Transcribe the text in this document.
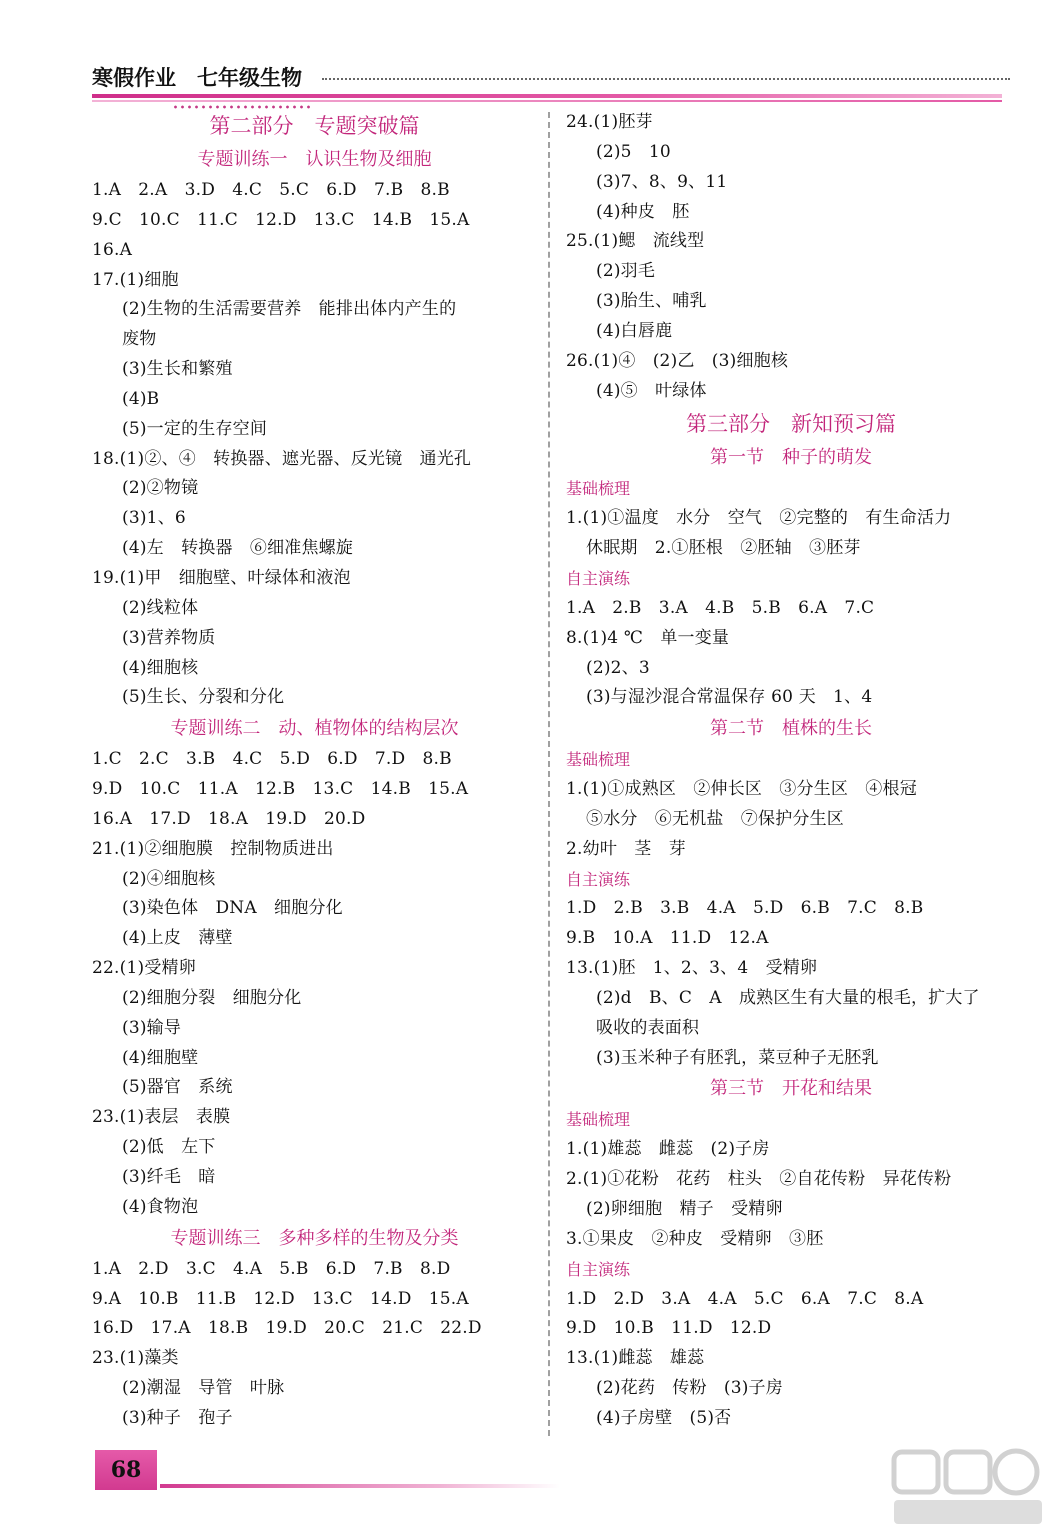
寒假作业　七年级生物
第二部分　专题突破篇
专题训练一　认识生物及细胞
1.A　2.A　3.D　4.C　5.C　6.D　7.B　8.B
9.C　10.C　11.C　12.D　13.C　14.B　15.A
16.A
17.(1)细胞
(2)生物的生活需要营养　能排出体内产生的
废物
(3)生长和繁殖
(4)B
(5)一定的生存空间
18.(1)②、④　转换器、遮光器、反光镜　通光孔
(2)②物镜
(3)1、6
(4)左　转换器　⑥细准焦螺旋
19.(1)甲　细胞壁、叶绿体和液泡
(2)线粒体
(3)营养物质
(4)细胞核
(5)生长、分裂和分化
专题训练二　动、植物体的结构层次
1.C　2.C　3.B　4.C　5.D　6.D　7.D　8.B
9.D　10.C　11.A　12.B　13.C　14.B　15.A
16.A　17.D　18.A　19.D　20.D
21.(1)②细胞膜　控制物质进出
(2)④细胞核
(3)染色体　DNA　细胞分化
(4)上皮　薄壁
22.(1)受精卵
(2)细胞分裂　细胞分化
(3)输导
(4)细胞壁
(5)器官　系统
23.(1)表层　表膜
(2)低　左下
(3)纤毛　暗
(4)食物泡
专题训练三　多种多样的生物及分类
1.A　2.D　3.C　4.A　5.B　6.D　7.B　8.D
9.A　10.B　11.B　12.D　13.C　14.D　15.A
16.D　17.A　18.B　19.D　20.C　21.C　22.D
23.(1)藻类
(2)潮湿　导管　叶脉
(3)种子　孢子
24.(1)胚芽
(2)5　10
(3)7、8、9、11
(4)种皮　胚
25.(1)鳃　流线型
(2)羽毛
(3)胎生、哺乳
(4)白唇鹿
26.(1)④　(2)乙　(3)细胞核
(4)⑤　叶绿体
第三部分　新知预习篇
第一节　种子的萌发
基础梳理
1.(1)①温度　水分　空气　②完整的　有生命活力
休眠期　2.①胚根　②胚轴　③胚芽
自主演练
1.A　2.B　3.A　4.B　5.B　6.A　7.C
8.(1)4 ℃　单一变量
(2)2、3
(3)与湿沙混合常温保存 60 天　1、4
第二节　植株的生长
基础梳理
1.(1)①成熟区　②伸长区　③分生区　④根冠
⑤水分　⑥无机盐　⑦保护分生区
2.幼叶　茎　芽
自主演练
1.D　2.B　3.B　4.A　5.D　6.B　7.C　8.B
9.B　10.A　11.D　12.A
13.(1)胚　1、2、3、4　受精卵
(2)d　B、C　A　成熟区生有大量的根毛，扩大了
吸收的表面积
(3)玉米种子有胚乳，菜豆种子无胚乳
第三节　开花和结果
基础梳理
1.(1)雄蕊　雌蕊　(2)子房
2.(1)①花粉　花药　柱头　②自花传粉　异花传粉
(2)卵细胞　精子　受精卵
3.①果皮　②种皮　受精卵　③胚
自主演练
1.D　2.D　3.A　4.A　5.C　6.A　7.C　8.A
9.D　10.B　11.D　12.D
13.(1)雌蕊　雄蕊
(2)花药　传粉　(3)子房
(4)子房壁　(5)否
68
